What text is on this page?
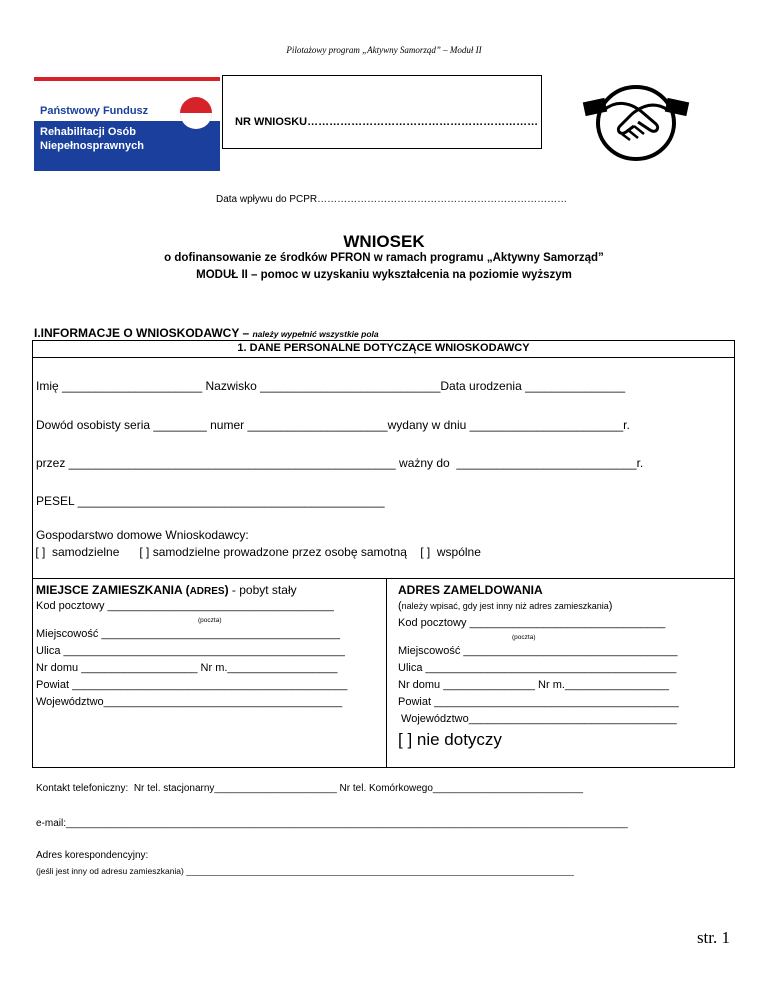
Pilotażowy program „Aktywny Samorząd” – Moduł II
Państwowy Fundusz
Rehabilitacji Osób Niepełnosprawnych
NR WNIOSKU………………………………………………………
Data wpływu do PCPR…………………………………………………………………
WNIOSEK
o dofinansowanie ze środków PFRON w ramach programu „Aktywny Samorząd”
MODUŁ II – pomoc w uzyskaniu wykształcenia na poziomie wyższym
I.INFORMACJE O WNIOSKODAWCY – należy wypełnić wszystkie pola
1. DANE PERSONALNE DOTYCZĄCE WNIOSKODAWCY
Imię _____________________ Nazwisko ___________________________Data urodzenia _______________
Dowód osobisty seria ________ numer _____________________wydany w dniu _______________________r.
przez _________________________________________________ ważny do  ___________________________r.
PESEL ______________________________________________
Gospodarstwo domowe Wnioskodawcy:
[ ]  samodzielne      [ ] samodzielne prowadzone przez osobę samotną    [ ]  wspólne
MIEJSCE ZAMIESZKANIA (ADRES) - pobyt stały
Kod pocztowy _____________________________________
(poczta)
Miejscowość _______________________________________
Ulica ______________________________________________
Nr domu ___________________ Nr m.__________________
Powiat _____________________________________________
Województwo_______________________________________
ADRES ZAMELDOWANIA
(należy wpisać, gdy jest inny niż adres zamieszkania)
Kod pocztowy ________________________________
(poczta)
Miejscowość ___________________________________
Ulica _________________________________________
Nr domu _______________ Nr m._________________
Powiat ________________________________________
Województwo__________________________________
[ ] nie dotyczy
Kontakt telefoniczny:  Nr tel. stacjonarny______________________ Nr tel. Komórkowego___________________________
e-mail:_____________________________________________________________________________________________________
Adres korespondencyjny:
(jeśli jest inny od adresu zamieszkania) __________________________________________________________________________________
str. 1
